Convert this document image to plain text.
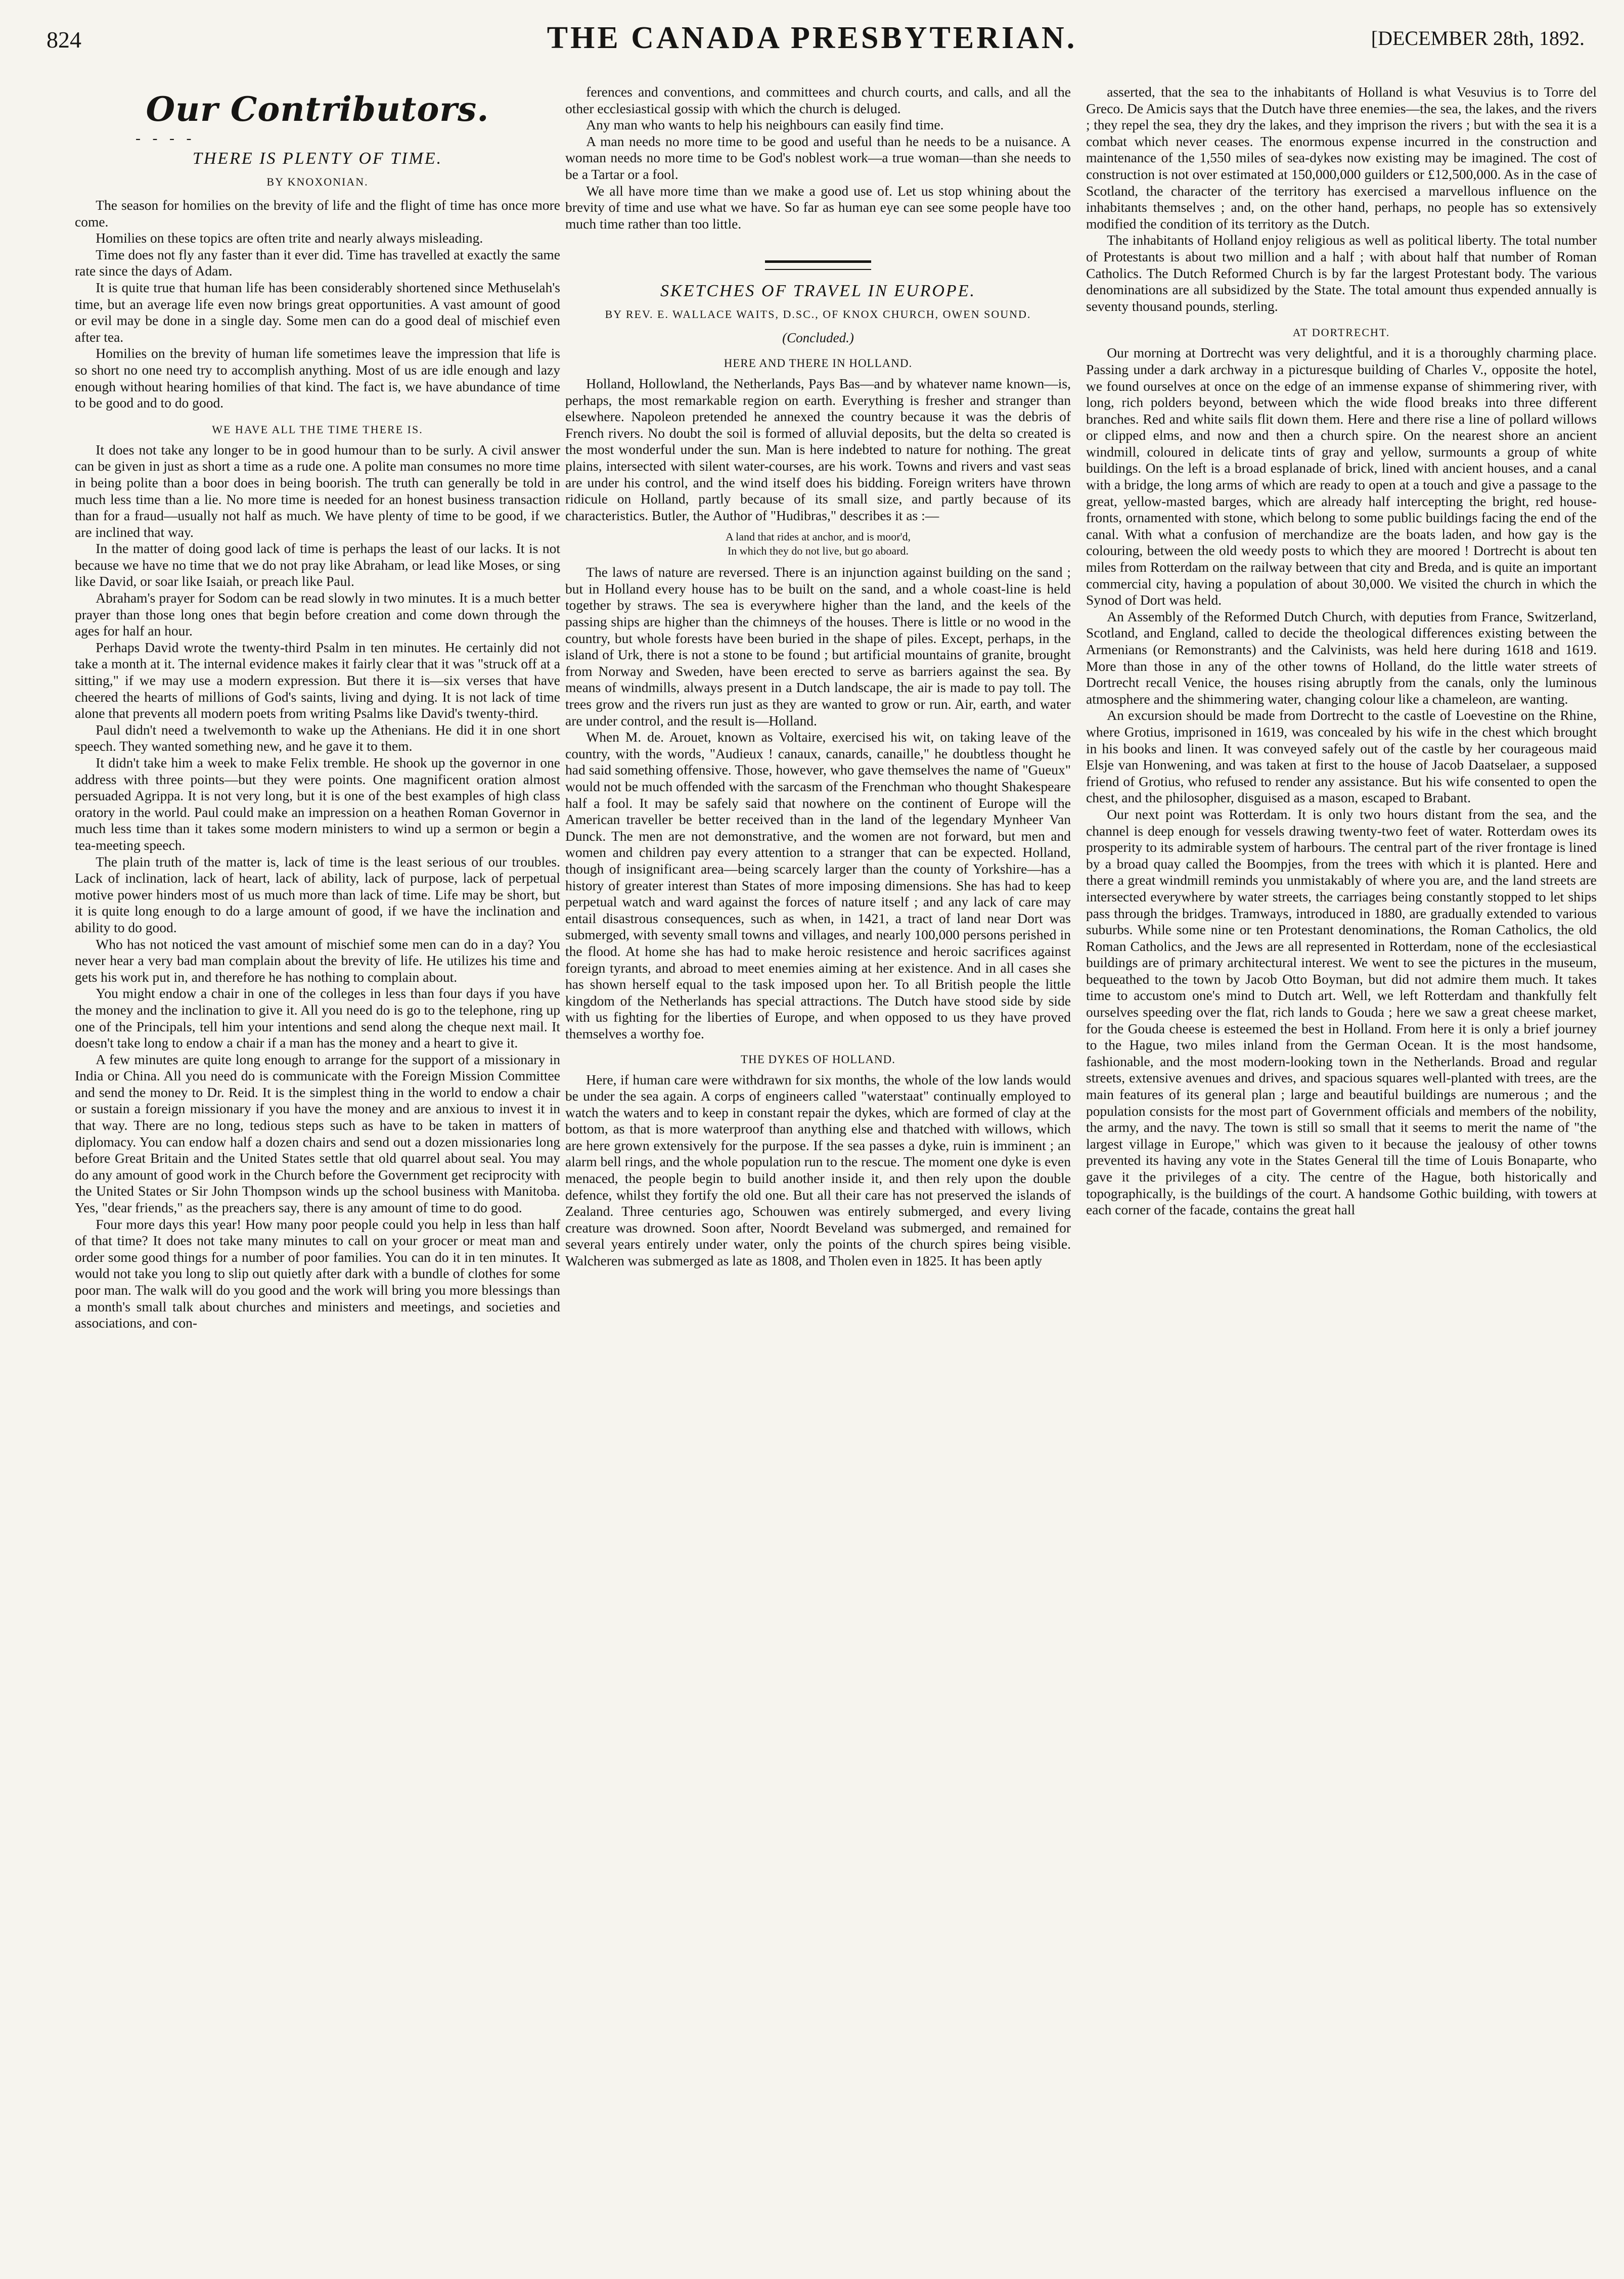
824	THE CANADA PRESBYTERIAN.	[DECEMBER 28th, 1892.
Our Contributors.
- - - -
THERE IS PLENTY OF TIME.
BY KNOXONIAN.

The season for homilies on the brevity of life and the flight of time has once more come.

Homilies on these topics are often trite and nearly always misleading.

Time does not fly any faster than it ever did. Time has travelled at exactly the same rate since the days of Adam.

It is quite true that human life has been considerably shortened since Methuselah's time, but an average life even now brings great opportunities. A vast amount of good or evil may be done in a single day. Some men can do a good deal of mischief even after tea.

Homilies on the brevity of human life sometimes leave the impression that life is so short no one need try to accomplish anything. Most of us are idle enough and lazy enough without hearing homilies of that kind. The fact is, we have abundance of time to be good and to do good.

WE HAVE ALL THE TIME THERE IS.

It does not take any longer to be in good humour than to be surly. A civil answer can be given in just as short a time as a rude one. A polite man consumes no more time in being polite than a boor does in being boorish. The truth can generally be told in much less time than a lie. No more time is needed for an honest business transaction than for a fraud—usually not half as much. We have plenty of time to be good, if we are inclined that way.

In the matter of doing good lack of time is perhaps the least of our lacks. It is not because we have no time that we do not pray like Abraham, or lead like Moses, or sing like David, or soar like Isaiah, or preach like Paul.

Abraham's prayer for Sodom can be read slowly in two minutes. It is a much better prayer than those long ones that begin before creation and come down through the ages for half an hour.

Perhaps David wrote the twenty-third Psalm in ten minutes. He certainly did not take a month at it. The internal evidence makes it fairly clear that it was "struck off at a sitting," if we may use a modern expression. But there it is—six verses that have cheered the hearts of millions of God's saints, living and dying. It is not lack of time alone that prevents all modern poets from writing Psalms like David's twenty-third.

Paul didn't need a twelvemonth to wake up the Athenians. He did it in one short speech. They wanted something new, and he gave it to them.

It didn't take him a week to make Felix tremble. He shook up the governor in one address with three points—but they were points. One magnificent oration almost persuaded Agrippa. It is not very long, but it is one of the best examples of high class oratory in the world. Paul could make an impression on a heathen Roman Governor in much less time than it takes some modern ministers to wind up a sermon or begin a tea-meeting speech.

The plain truth of the matter is, lack of time is the least serious of our troubles. Lack of inclination, lack of heart, lack of ability, lack of purpose, lack of perpetual motive power hinders most of us much more than lack of time. Life may be short, but it is quite long enough to do a large amount of good, if we have the inclination and ability to do good.

Who has not noticed the vast amount of mischief some men can do in a day? You never hear a very bad man complain about the brevity of life. He utilizes his time and gets his work put in, and therefore he has nothing to complain about.

You might endow a chair in one of the colleges in less than four days if you have the money and the inclination to give it. All you need do is go to the telephone, ring up one of the Principals, tell him your intentions and send along the cheque next mail. It doesn't take long to endow a chair if a man has the money and a heart to give it.

A few minutes are quite long enough to arrange for the support of a missionary in India or China. All you need do is communicate with the Foreign Mission Committee and send the money to Dr. Reid. It is the simplest thing in the world to endow a chair or sustain a foreign missionary if you have the money and are anxious to invest it in that way. There are no long, tedious steps such as have to be taken in matters of diplomacy. You can endow half a dozen chairs and send out a dozen missionaries long before Great Britain and the United States settle that old quarrel about seal. You may do any amount of good work in the Church before the Government get reciprocity with the United States or Sir John Thompson winds up the school business with Manitoba. Yes, "dear friends," as the preachers say, there is any amount of time to do good.

Four more days this year! How many poor people could you help in less than half of that time? It does not take many minutes to call on your grocer or meat man and order some good things for a number of poor families. You can do it in ten minutes. It would not take you long to slip out quietly after dark with a bundle of clothes for some poor man. The walk will do you good and the work will bring you more blessings than a month's small talk about churches and ministers and meetings, and societies and associations, and con-

ferences and conventions, and committees and church courts, and calls, and all the other ecclesiastical gossip with which the church is deluged.

Any man who wants to help his neighbours can easily find time.

A man needs no more time to be good and useful than he needs to be a nuisance. A woman needs no more time to be God's noblest work—a true woman—than she needs to be a Tartar or a fool.

We all have more time than we make a good use of. Let us stop whining about the brevity of time and use what we have. So far as human eye can see some people have too much time rather than too little.

SKETCHES OF TRAVEL IN EUROPE.
BY REV. E. WALLACE WAITS, D.SC., OF KNOX CHURCH, OWEN SOUND.
(Concluded.)
HERE AND THERE IN HOLLAND.

Holland, Hollowland, the Netherlands, Pays Bas—and by whatever name known—is, perhaps, the most remarkable region on earth. Everything is fresher and stranger than elsewhere. Napoleon pretended he annexed the country because it was the debris of French rivers. No doubt the soil is formed of alluvial deposits, but the delta so created is the most wonderful under the sun. Man is here indebted to nature for nothing. The great plains, intersected with silent water-courses, are his work. Towns and rivers and vast seas are under his control, and the wind itself does his bidding. Foreign writers have thrown ridicule on Holland, partly because of its small size, and partly because of its characteristics. Butler, the Author of "Hudibras," describes it as :—

A land that rides at anchor, and is moor'd,
In which they do not live, but go aboard.

The laws of nature are reversed. There is an injunction against building on the sand ; but in Holland every house has to be built on the sand, and a whole coast-line is held together by straws. The sea is everywhere higher than the land, and the keels of the passing ships are higher than the chimneys of the houses. There is little or no wood in the country, but whole forests have been buried in the shape of piles. Except, perhaps, in the island of Urk, there is not a stone to be found ; but artificial mountains of granite, brought from Norway and Sweden, have been erected to serve as barriers against the sea. By means of windmills, always present in a Dutch landscape, the air is made to pay toll. The trees grow and the rivers run just as they are wanted to grow or run. Air, earth, and water are under control, and the result is—Holland.

When M. de. Arouet, known as Voltaire, exercised his wit, on taking leave of the country, with the words, "Audieux ! canaux, canards, canaille," he doubtless thought he had said something offensive. Those, however, who gave themselves the name of "Gueux" would not be much offended with the sarcasm of the Frenchman who thought Shakespeare half a fool. It may be safely said that nowhere on the continent of Europe will the American traveller be better received than in the land of the legendary Mynheer Van Dunck. The men are not demonstrative, and the women are not forward, but men and women and children pay every attention to a stranger that can be expected. Holland, though of insignificant area—being scarcely larger than the county of Yorkshire—has a history of greater interest than States of more imposing dimensions. She has had to keep perpetual watch and ward against the forces of nature itself ; and any lack of care may entail disastrous consequences, such as when, in 1421, a tract of land near Dort was submerged, with seventy small towns and villages, and nearly 100,000 persons perished in the flood. At home she has had to make heroic resistence and heroic sacrifices against foreign tyrants, and abroad to meet enemies aiming at her existence. And in all cases she has shown herself equal to the task imposed upon her. To all British people the little kingdom of the Netherlands has special attractions. The Dutch have stood side by side with us fighting for the liberties of Europe, and when opposed to us they have proved themselves a worthy foe.

THE DYKES OF HOLLAND.

Here, if human care were withdrawn for six months, the whole of the low lands would be under the sea again. A corps of engineers called "waterstaat" continually employed to watch the waters and to keep in constant repair the dykes, which are formed of clay at the bottom, as that is more waterproof than anything else and thatched with willows, which are here grown extensively for the purpose. If the sea passes a dyke, ruin is imminent ; an alarm bell rings, and the whole population run to the rescue. The moment one dyke is even menaced, the people begin to build another inside it, and then rely upon the double defence, whilst they fortify the old one. But all their care has not preserved the islands of Zealand. Three centuries ago, Schouwen was entirely submerged, and every living creature was drowned. Soon after, Noordt Beveland was submerged, and remained for several years entirely under water, only the points of the church spires being visible. Walcheren was submerged as late as 1808, and Tholen even in 1825. It has been aptly

asserted, that the sea to the inhabitants of Holland is what Vesuvius is to Torre del Greco. De Amicis says that the Dutch have three enemies—the sea, the lakes, and the rivers ; they repel the sea, they dry the lakes, and they imprison the rivers ; but with the sea it is a combat which never ceases. The enormous expense incurred in the construction and maintenance of the 1,550 miles of sea-dykes now existing may be imagined. The cost of construction is not over estimated at 150,000,000 guilders or £12,500,000. As in the case of Scotland, the character of the territory has exercised a marvellous influence on the inhabitants themselves ; and, on the other hand, perhaps, no people has so extensively modified the condition of its territory as the Dutch.

The inhabitants of Holland enjoy religious as well as political liberty. The total number of Protestants is about two million and a half ; with about half that number of Roman Catholics. The Dutch Reformed Church is by far the largest Protestant body. The various denominations are all subsidized by the State. The total amount thus expended annually is seventy thousand pounds, sterling.

AT DORTRECHT.

Our morning at Dortrecht was very delightful, and it is a thoroughly charming place. Passing under a dark archway in a picturesque building of Charles V., opposite the hotel, we found ourselves at once on the edge of an immense expanse of shimmering river, with long, rich polders beyond, between which the wide flood breaks into three different branches. Red and white sails flit down them. Here and there rise a line of pollard willows or clipped elms, and now and then a church spire. On the nearest shore an ancient windmill, coloured in delicate tints of gray and yellow, surmounts a group of white buildings. On the left is a broad esplanade of brick, lined with ancient houses, and a canal with a bridge, the long arms of which are ready to open at a touch and give a passage to the great, yellow-masted barges, which are already half intercepting the bright, red house-fronts, ornamented with stone, which belong to some public buildings facing the end of the canal. With what a confusion of merchandize are the boats laden, and how gay is the colouring, between the old weedy posts to which they are moored ! Dortrecht is about ten miles from Rotterdam on the railway between that city and Breda, and is quite an important commercial city, having a population of about 30,000. We visited the church in which the Synod of Dort was held.

An Assembly of the Reformed Dutch Church, with deputies from France, Switzerland, Scotland, and England, called to decide the theological differences existing between the Armenians (or Remonstrants) and the Calvinists, was held here during 1618 and 1619. More than those in any of the other towns of Holland, do the little water streets of Dortrecht recall Venice, the houses rising abruptly from the canals, only the luminous atmosphere and the shimmering water, changing colour like a chameleon, are wanting.

An excursion should be made from Dortrecht to the castle of Loevestine on the Rhine, where Grotius, imprisoned in 1619, was concealed by his wife in the chest which brought in his books and linen. It was conveyed safely out of the castle by her courageous maid Elsje van Honwening, and was taken at first to the house of Jacob Daatselaer, a supposed friend of Grotius, who refused to render any assistance. But his wife consented to open the chest, and the philosopher, disguised as a mason, escaped to Brabant.

Our next point was Rotterdam. It is only two hours distant from the sea, and the channel is deep enough for vessels drawing twenty-two feet of water. Rotterdam owes its prosperity to its admirable system of harbours. The central part of the river frontage is lined by a broad quay called the Boompjes, from the trees with which it is planted. Here and there a great windmill reminds you unmistakably of where you are, and the land streets are intersected everywhere by water streets, the carriages being constantly stopped to let ships pass through the bridges. Tramways, introduced in 1880, are gradually extended to various suburbs. While some nine or ten Protestant denominations, the Roman Catholics, the old Roman Catholics, and the Jews are all represented in Rotterdam, none of the ecclesiastical buildings are of primary architectural interest. We went to see the pictures in the museum, bequeathed to the town by Jacob Otto Boyman, but did not admire them much. It takes time to accustom one's mind to Dutch art. Well, we left Rotterdam and thankfully felt ourselves speeding over the flat, rich lands to Gouda ; here we saw a great cheese market, for the Gouda cheese is esteemed the best in Holland. From here it is only a brief journey to the Hague, two miles inland from the German Ocean. It is the most handsome, fashionable, and the most modern-looking town in the Netherlands. Broad and regular streets, extensive avenues and drives, and spacious squares well-planted with trees, are the main features of its general plan ; large and beautiful buildings are numerous ; and the population consists for the most part of Government officials and members of the nobility, the army, and the navy. The town is still so small that it seems to merit the name of "the largest village in Europe," which was given to it because the jealousy of other towns prevented its having any vote in the States General till the time of Louis Bonaparte, who gave it the privileges of a city. The centre of the Hague, both historically and topographically, is the buildings of the court. A handsome Gothic building, with towers at each corner of the facade, contains the great hall
